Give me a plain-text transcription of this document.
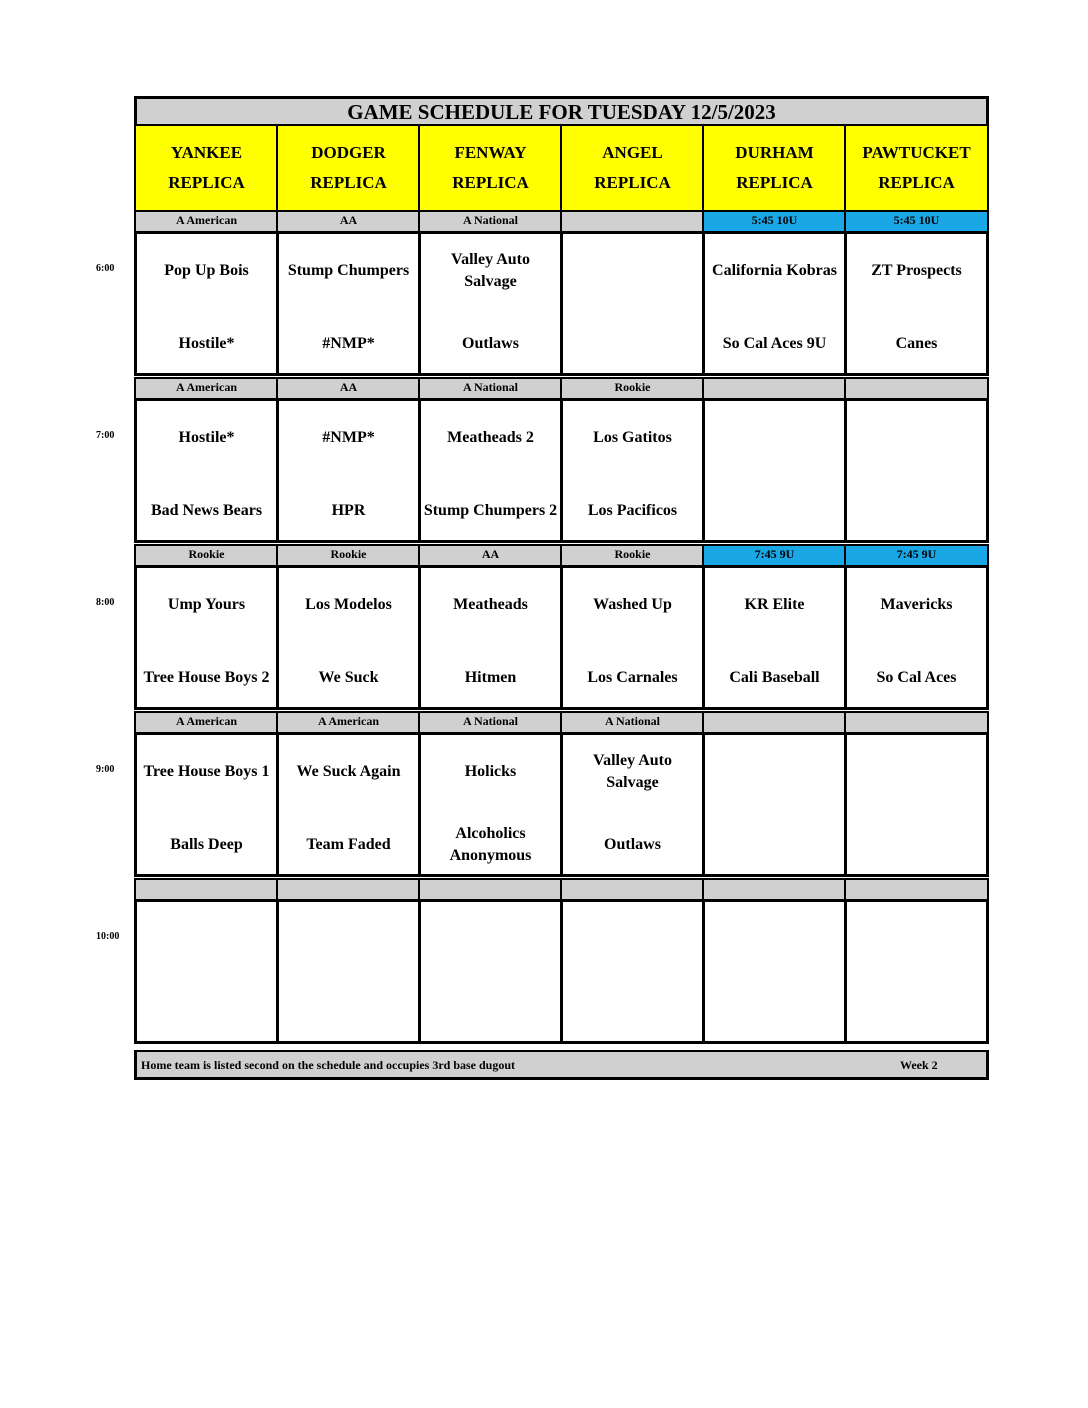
GAME SCHEDULE FOR TUESDAY 12/5/2023
YANKEE
REPLICA
DODGER
REPLICA
FENWAY
REPLICA
ANGEL
REPLICA
DURHAM
REPLICA
PAWTUCKET
REPLICA
A American
Pop Up Bois
Hostile*
AA
Stump Chumpers
#NMP*
A National
Valley Auto Salvage
Outlaws
5:45 10U
California Kobras
So Cal Aces 9U
5:45 10U
ZT Prospects
Canes
A American
Hostile*
Bad News Bears
AA
#NMP*
HPR
A National
Meatheads 2
Stump Chumpers 2
Rookie
Los Gatitos
Los Pacificos
Rookie
Ump Yours
Tree House Boys 2
Rookie
Los Modelos
We Suck
AA
Meatheads
Hitmen
Rookie
Washed Up
Los Carnales
7:45 9U
KR Elite
Cali Baseball
7:45 9U
Mavericks
So Cal Aces
A American
Tree House Boys 1
Balls Deep
A American
We Suck Again
Team Faded
A National
Holicks
Alcoholics Anonymous
A National
Valley Auto Salvage
Outlaws
Home team is listed second on the schedule and occupies 3rd base dugout	Week 2
6:00
7:00
8:00
9:00
10:00
